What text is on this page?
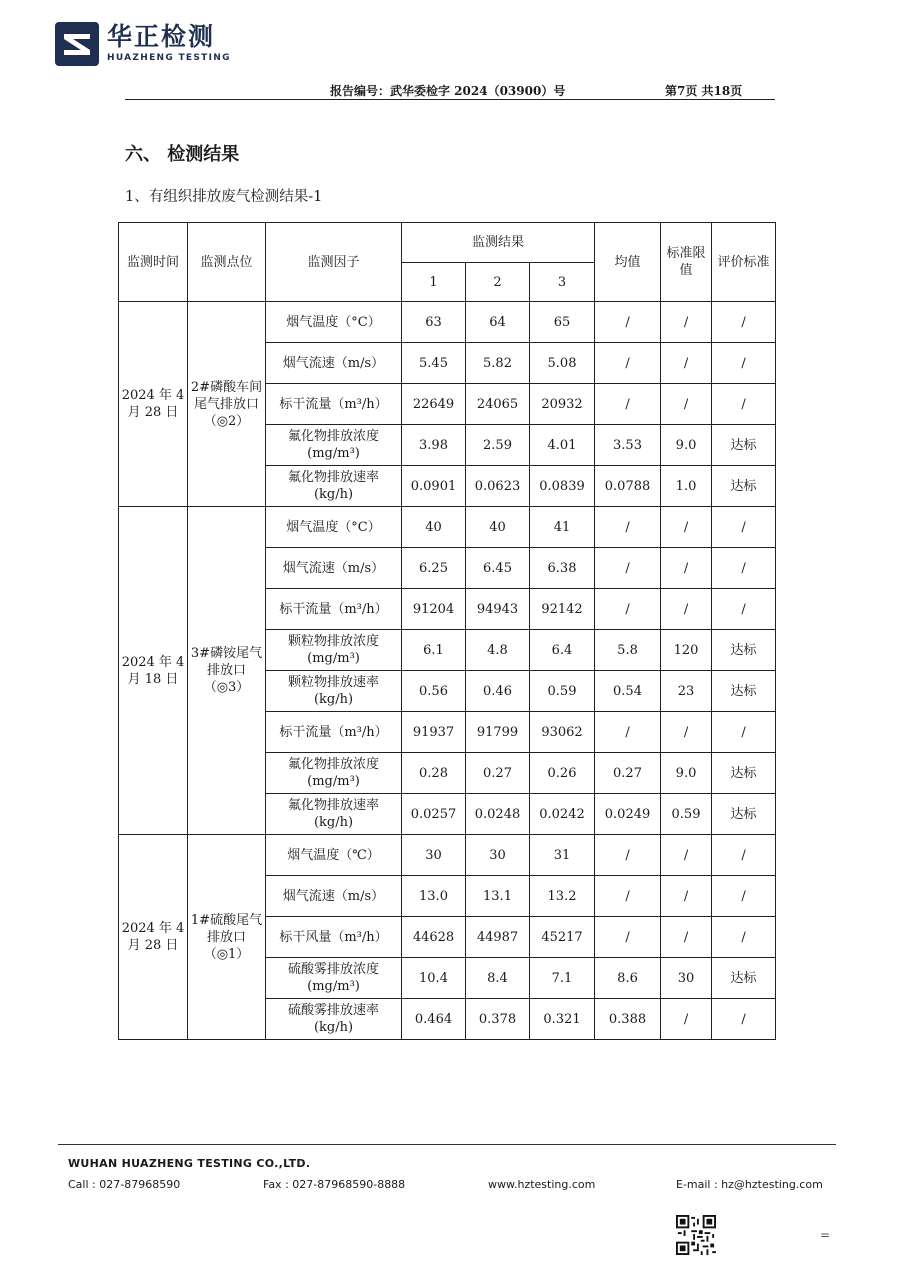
华正检测
HUAZHENG TESTING
报告编号：武华委检字 2024（03900）号	第7页 共18页
六、 检测结果
1、有组织排放废气检测结果-1
监测时间	监测点位	监测因子	监测结果			均值	标准限值	评价标准
			1	2	3			
2024 年 4 月 28 日	2#磷酸车间尾气排放口（◎2）	烟气温度（°C）	63	64	65	/	/	/
		烟气流速（m/s）	5.45	5.82	5.08	/	/	/
		标干流量（m³/h）	22649	24065	20932	/	/	/
		氟化物排放浓度 (mg/m³)	3.98	2.59	4.01	3.53	9.0	达标
		氟化物排放速率 (kg/h)	0.0901	0.0623	0.0839	0.0788	1.0	达标
2024 年 4 月 18 日	3#磷铵尾气排放口（◎3）	烟气温度（°C）	40	40	41	/	/	/
		烟气流速（m/s）	6.25	6.45	6.38	/	/	/
		标干流量（m³/h）	91204	94943	92142	/	/	/
		颗粒物排放浓度 (mg/m³)	6.1	4.8	6.4	5.8	120	达标
		颗粒物排放速率 (kg/h)	0.56	0.46	0.59	0.54	23	达标
		标干流量（m³/h）	91937	91799	93062	/	/	/
		氟化物排放浓度 (mg/m³)	0.28	0.27	0.26	0.27	9.0	达标
		氟化物排放速率 (kg/h)	0.0257	0.0248	0.0242	0.0249	0.59	达标
2024 年 4 月 28 日	1#硫酸尾气排放口（◎1）	烟气温度（℃）	30	30	31	/	/	/
		烟气流速（m/s）	13.0	13.1	13.2	/	/	/
		标干风量（m³/h）	44628	44987	45217	/	/	/
		硫酸雾排放浓度 (mg/m³)	10.4	8.4	7.1	8.6	30	达标
		硫酸雾排放速率 (kg/h)	0.464	0.378	0.321	0.388	/	/
WUHAN HUAZHENG TESTING CO.,LTD.
Call : 027-87968590	Fax : 027-87968590-8888	www.hztesting.com	E-mail : hz@hztesting.com
=
